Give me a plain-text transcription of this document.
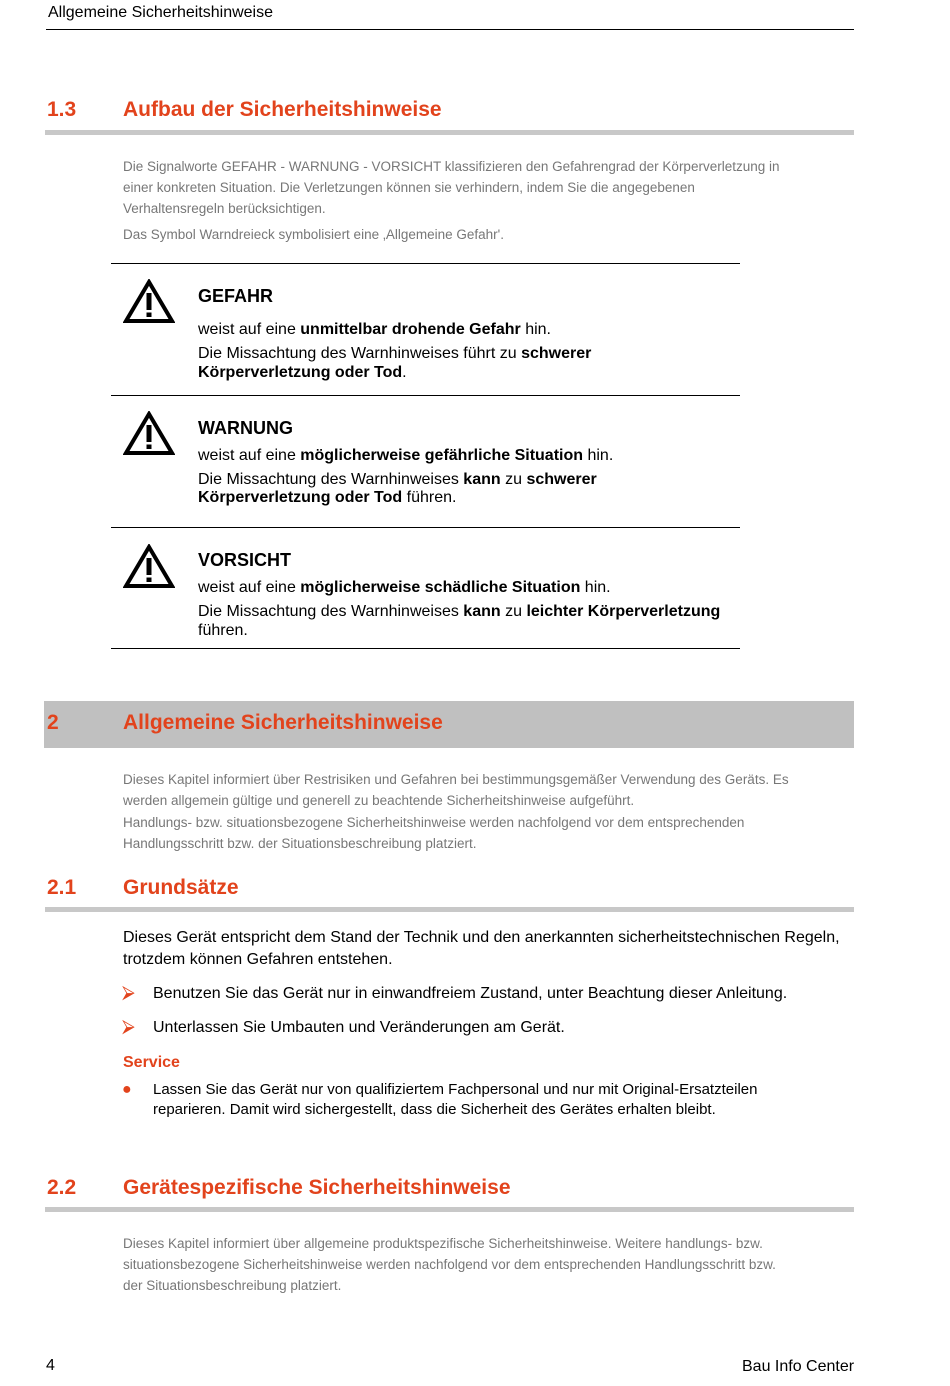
Allgemeine Sicherheitshinweise
1.3 Aufbau der Sicherheitshinweise

Die Signalworte GEFAHR - WARNUNG - VORSICHT klassifizieren den Gefahrengrad der Körperverletzung in

einer konkreten Situation. Die Verletzungen können sie verhindern, indem Sie die angegebenen

Verhaltensregeln berücksichtigen.

Das Symbol Warndreieck symbolisiert eine ‚Allgemeine Gefahr'.

GEFAHR
weist auf eine unmittelbar drohende Gefahr hin.
Die Missachtung des Warnhinweises führt zu schwerer
Körperverletzung oder Tod.
WARNUNG
weist auf eine möglicherweise gefährliche Situation hin.
Die Missachtung des Warnhinweises kann zu schwerer
Körperverletzung oder Tod führen.
VORSICHT
weist auf eine möglicherweise schädliche Situation hin.
Die Missachtung des Warnhinweises kann zu leichter Körperverletzung
führen.
2	Allgemeine Sicherheitshinweise

Dieses Kapitel informiert über Restrisiken und Gefahren bei bestimmungsgemäßer Verwendung des Geräts. Es

werden allgemein gültige und generell zu beachtende Sicherheitshinweise aufgeführt.

Handlungs- bzw. situationsbezogene Sicherheitshinweise werden nachfolgend vor dem entsprechenden

Handlungsschritt bzw. der Situationsbeschreibung platziert.

2.1 Grundsätze
Dieses Gerät entspricht dem Stand der Technik und den anerkannten sicherheitstechnischen Regeln,
trotzdem können Gefahren entstehen.
⮚ Benutzen Sie das Gerät nur in einwandfreiem Zustand, unter Beachtung dieser Anleitung.
⮚ Unterlassen Sie Umbauten und Veränderungen am Gerät.
Service
● Lassen Sie das Gerät nur von qualifiziertem Fachpersonal und nur mit Original-Ersatzteilen
reparieren. Damit wird sichergestellt, dass die Sicherheit des Gerätes erhalten bleibt.
2.2 Gerätespezifische Sicherheitshinweise

Dieses Kapitel informiert über allgemeine produktspezifische Sicherheitshinweise. Weitere handlungs- bzw.

situationsbezogene Sicherheitshinweise werden nachfolgend vor dem entsprechenden Handlungsschritt bzw.

der Situationsbeschreibung platziert.

4	Bau Info Center
